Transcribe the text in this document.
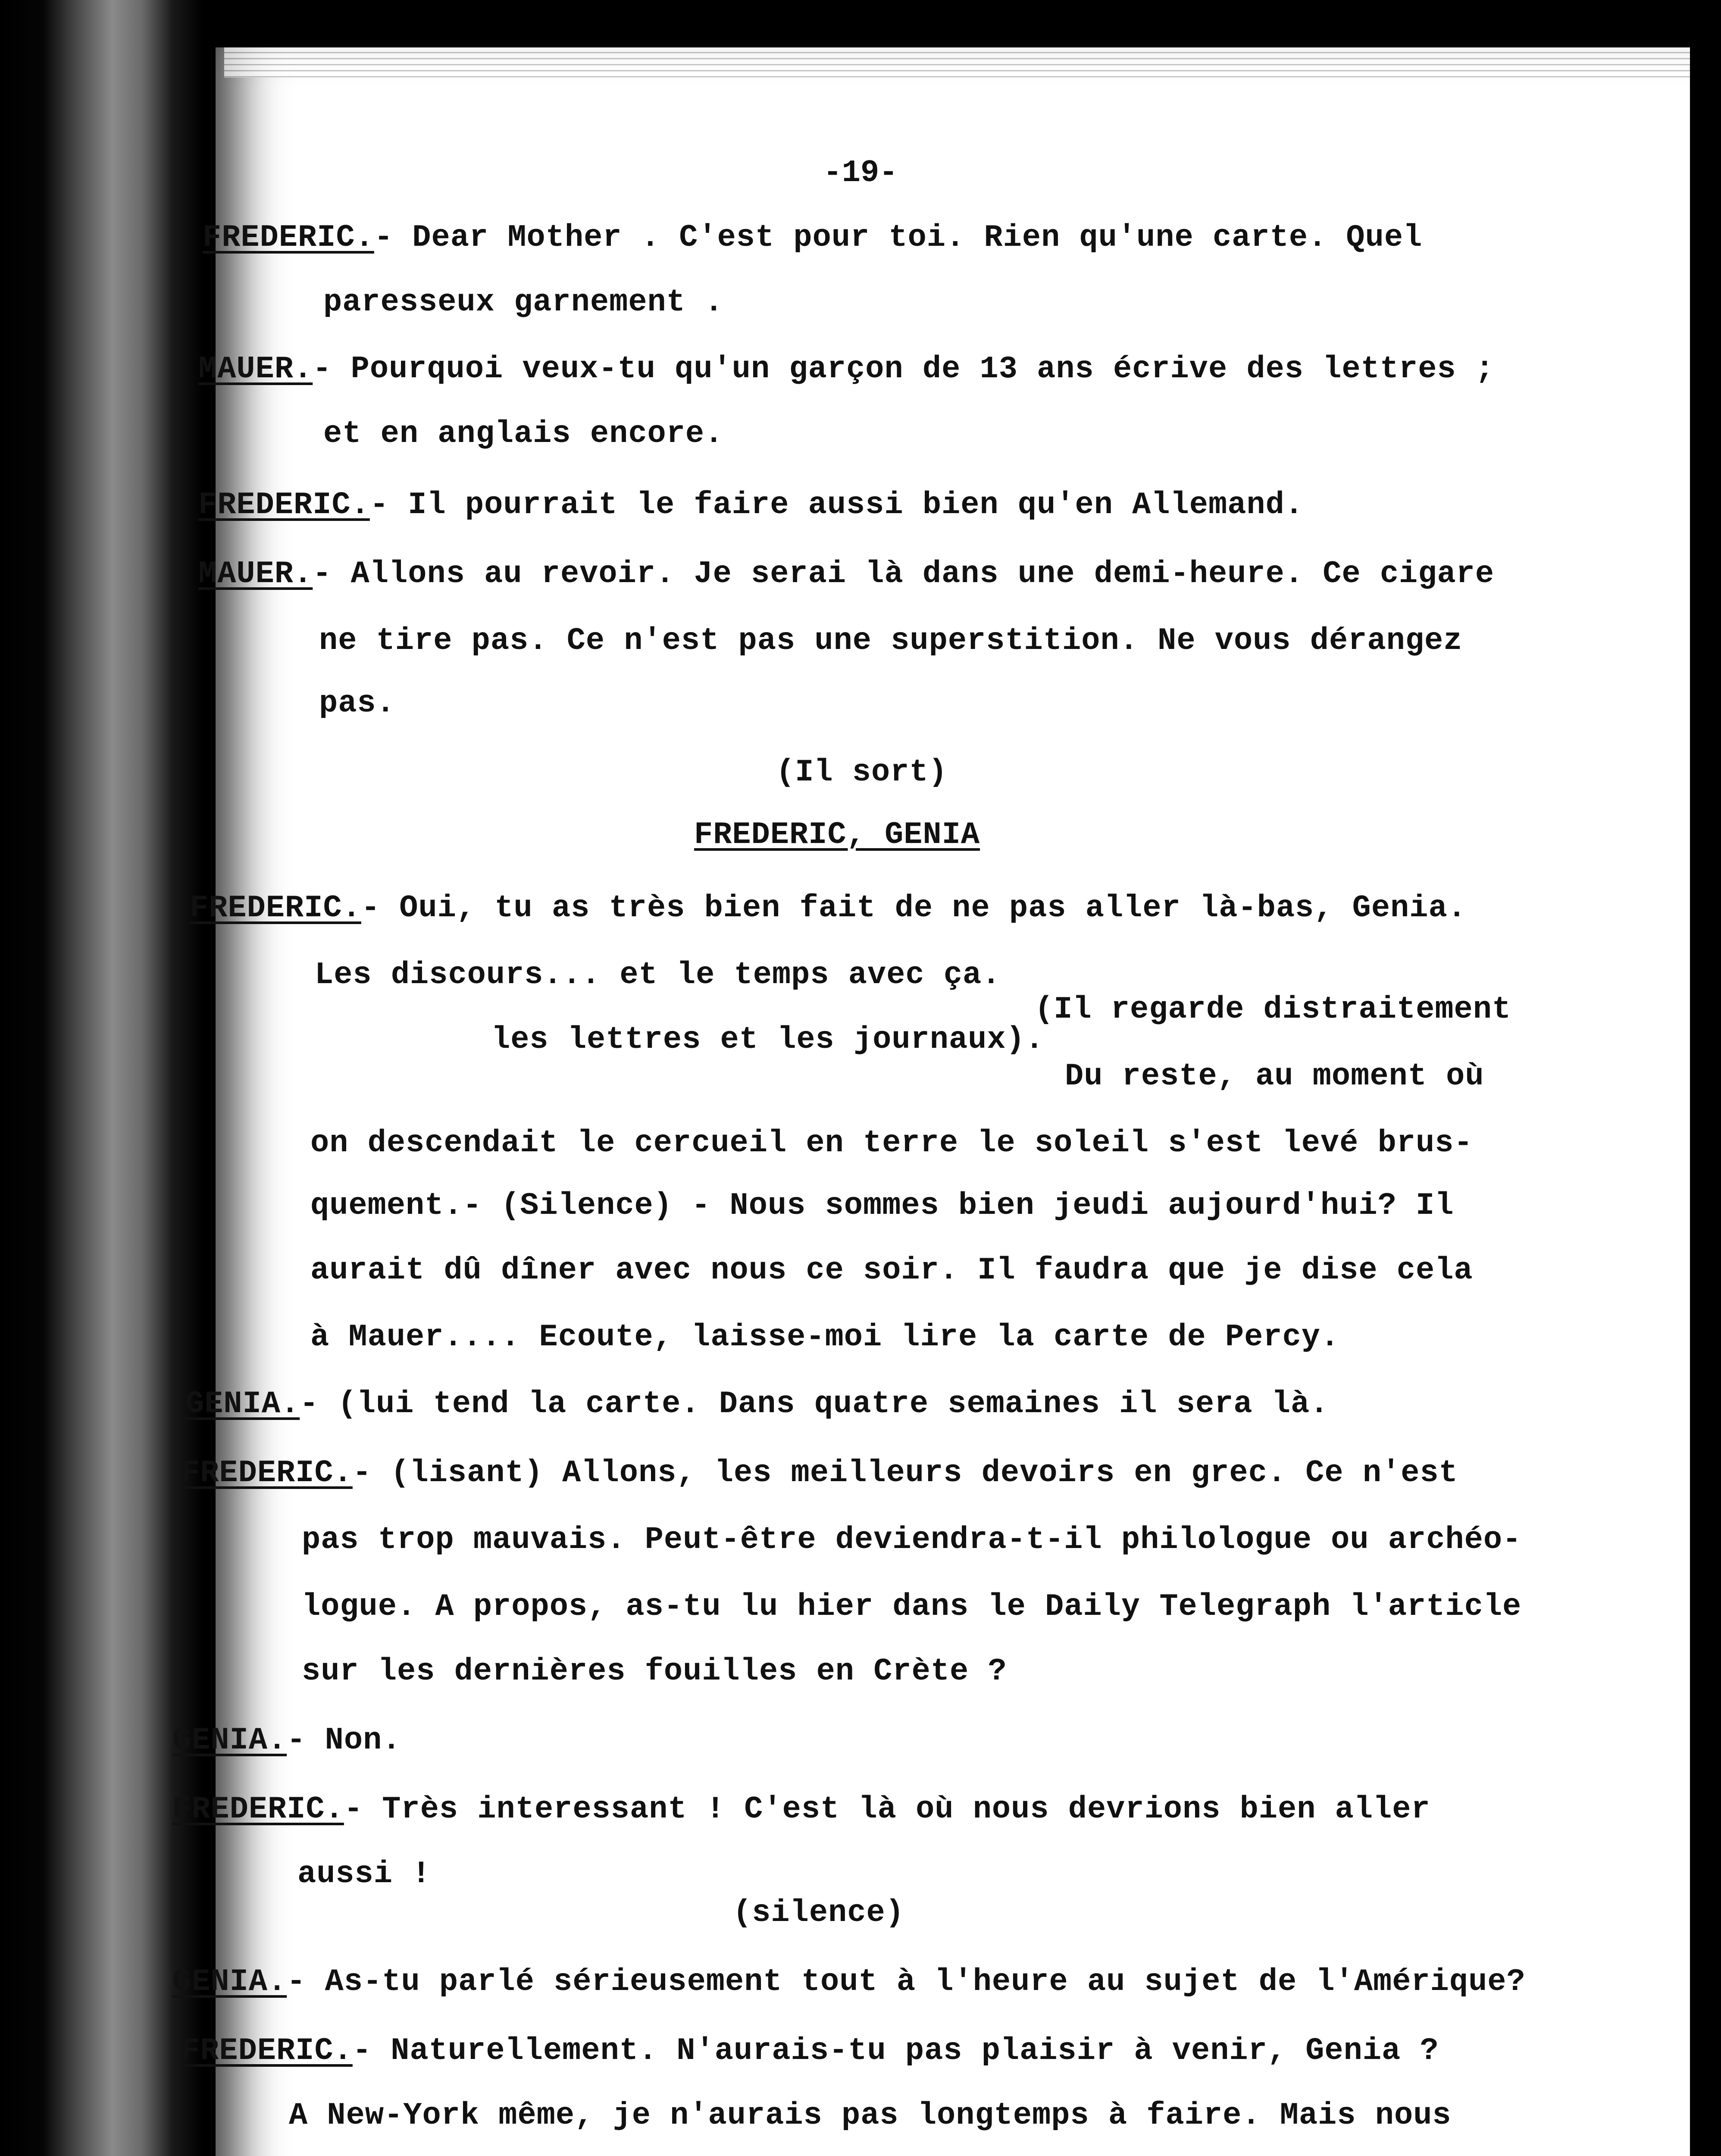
-19-
FREDERIC.- Dear Mother . C'est pour toi. Rien qu'une carte. Quel
paresseux garnement .
MAUER.- Pourquoi veux-tu qu'un garçon de 13 ans écrive des lettres ;
et en anglais encore.
FREDERIC.- Il pourrait le faire aussi bien qu'en Allemand.
MAUER.- Allons au revoir. Je serai là dans une demi-heure. Ce cigare
ne tire pas. Ce n'est pas une superstition. Ne vous dérangez
pas.
(Il sort)
FREDERIC, GENIA
FREDERIC.- Oui, tu as très bien fait de ne pas aller là-bas, Genia.
Les discours... et le temps avec ça.
(Il regarde distraitement
les lettres et les journaux).
Du reste, au moment où
on descendait le cercueil en terre le soleil s'est levé brus-
quement.- (Silence) - Nous sommes bien jeudi aujourd'hui? Il
aurait dû dîner avec nous ce soir. Il faudra que je dise cela
à Mauer.... Ecoute, laisse-moi lire la carte de Percy.
GENIA.- (lui tend la carte. Dans quatre semaines il sera là.
FREDERIC.- (lisant) Allons, les meilleurs devoirs en grec. Ce n'est
pas trop mauvais. Peut-être deviendra-t-il philologue ou archéo-
logue. A propos, as-tu lu hier dans le Daily Telegraph l'article
sur les dernières fouilles en Crète ?
GENIA.- Non.
FREDERIC.- Très interessant ! C'est là où nous devrions bien aller
aussi !
(silence)
GENIA.- As-tu parlé sérieusement tout à l'heure au sujet de l'Amérique?
FREDERIC.- Naturellement. N'aurais-tu pas plaisir à venir, Genia ?
A New-York même, je n'aurais pas longtemps à faire. Mais nous
